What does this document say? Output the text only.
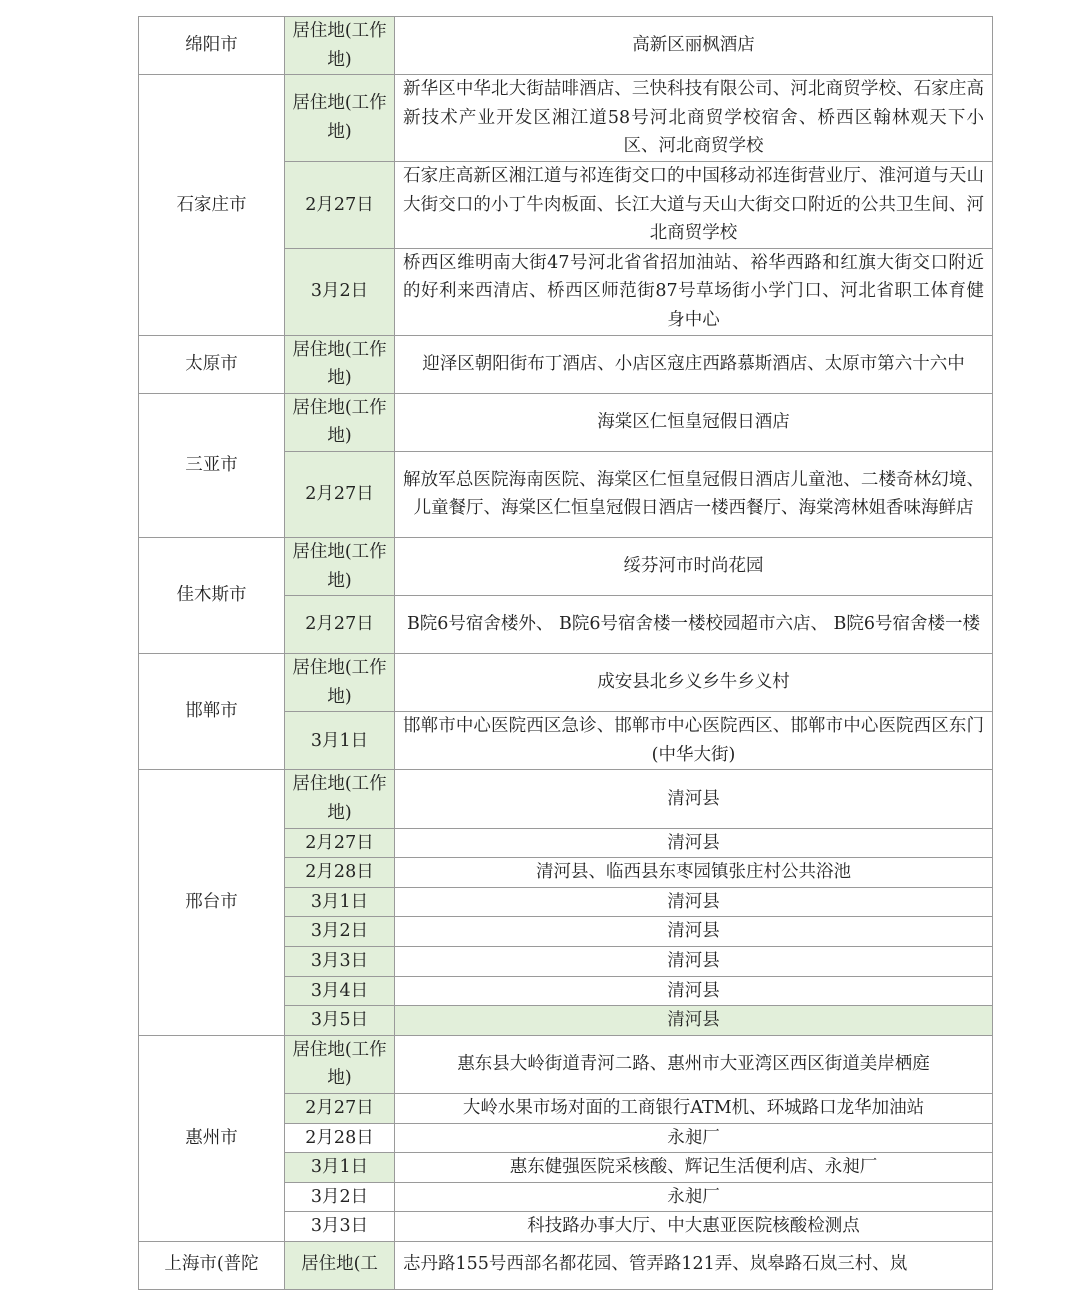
绵阳市	居住地(工作地)	高新区丽枫酒店
石家庄市	居住地(工作地)	新华区中华北大街喆啡酒店、三快科技有限公司、河北商贸学校、石家庄高新技术产业开发区湘江道58号河北商贸学校宿舍、桥西区翰林观天下小区、河北商贸学校
	2月27日	石家庄高新区湘江道与祁连街交口的中国移动祁连街营业厅、淮河道与天山大街交口的小丁牛肉板面、长江大道与天山大街交口附近的公共卫生间、河北商贸学校
	3月2日	桥西区维明南大街47号河北省省招加油站、裕华西路和红旗大街交口附近的好利来西清店、桥西区师范街87号草场街小学门口、河北省职工体育健身中心
太原市	居住地(工作地)	迎泽区朝阳街布丁酒店、小店区寇庄西路慕斯酒店、太原市第六十六中
三亚市	居住地(工作地)	海棠区仁恒皇冠假日酒店
	2月27日	解放军总医院海南医院、海棠区仁恒皇冠假日酒店儿童池、二楼奇林幻境、儿童餐厅、海棠区仁恒皇冠假日酒店一楼西餐厅、海棠湾林姐香味海鲜店
佳木斯市	居住地(工作地)	绥芬河市时尚花园
	2月27日	B院6号宿舍楼外、 B院6号宿舍楼一楼校园超市六店、 B院6号宿舍楼一楼
邯郸市	居住地(工作地)	成安县北乡义乡牛乡义村
	3月1日	邯郸市中心医院西区急诊、邯郸市中心医院西区、邯郸市中心医院西区东门(中华大街)
邢台市	居住地(工作地)	清河县
	2月27日	清河县
	2月28日	清河县、临西县东枣园镇张庄村公共浴池
	3月1日	清河县
	3月2日	清河县
	3月3日	清河县
	3月4日	清河县
	3月5日	清河县
惠州市	居住地(工作地)	惠东县大岭街道青河二路、惠州市大亚湾区西区街道美岸栖庭
	2月27日	大岭水果市场对面的工商银行ATM机、环城路口龙华加油站
	2月28日	永昶厂
	3月1日	惠东健强医院采核酸、辉记生活便利店、永昶厂
	3月2日	永昶厂
	3月3日	科技路办事大厅、中大惠亚医院核酸检测点
上海市(普陀	居住地(工	志丹路155号西部名都花园、管弄路121弄、岚皋路石岚三村、岚
